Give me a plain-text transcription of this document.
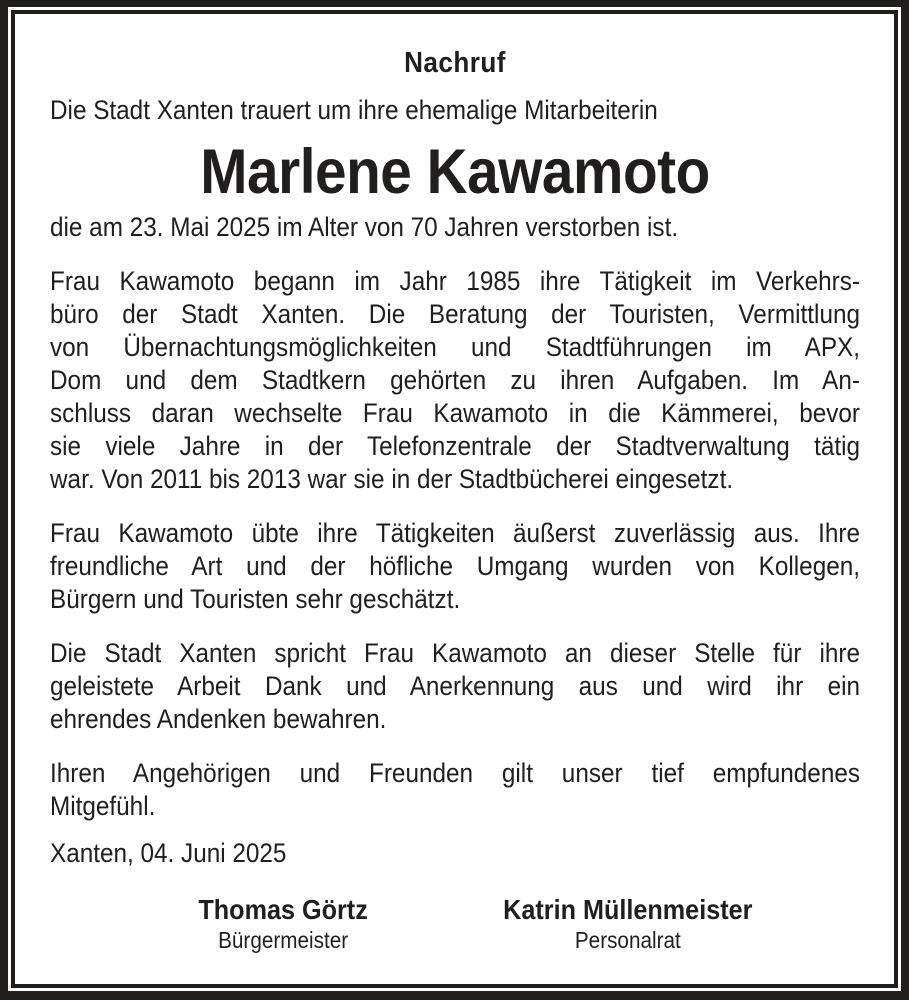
Nachruf
Die Stadt Xanten trauert um ihre ehemalige Mitarbeiterin
Marlene Kawamoto
die am 23. Mai 2025 im Alter von 70 Jahren verstorben ist.
Frau Kawamoto begann im Jahr 1985 ihre Tätigkeit im Verkehrs-
büro der Stadt Xanten. Die Beratung der Touristen, Vermittlung
von Übernachtungsmöglichkeiten und Stadtführungen im APX,
Dom und dem Stadtkern gehörten zu ihren Aufgaben. Im An-
schluss daran wechselte Frau Kawamoto in die Kämmerei, bevor
sie viele Jahre in der Telefonzentrale der Stadtverwaltung tätig
war. Von 2011 bis 2013 war sie in der Stadtbücherei eingesetzt.
Frau Kawamoto übte ihre Tätigkeiten äußerst zuverlässig aus. Ihre
freundliche Art und der höfliche Umgang wurden von Kollegen,
Bürgern und Touristen sehr geschätzt.
Die Stadt Xanten spricht Frau Kawamoto an dieser Stelle für ihre
geleistete Arbeit Dank und Anerkennung aus und wird ihr ein
ehrendes Andenken bewahren.
Ihren Angehörigen und Freunden gilt unser tief empfundenes
Mitgefühl.
Xanten, 04. Juni 2025
Thomas Görtz
Bürgermeister
Katrin Müllenmeister
Personalrat
